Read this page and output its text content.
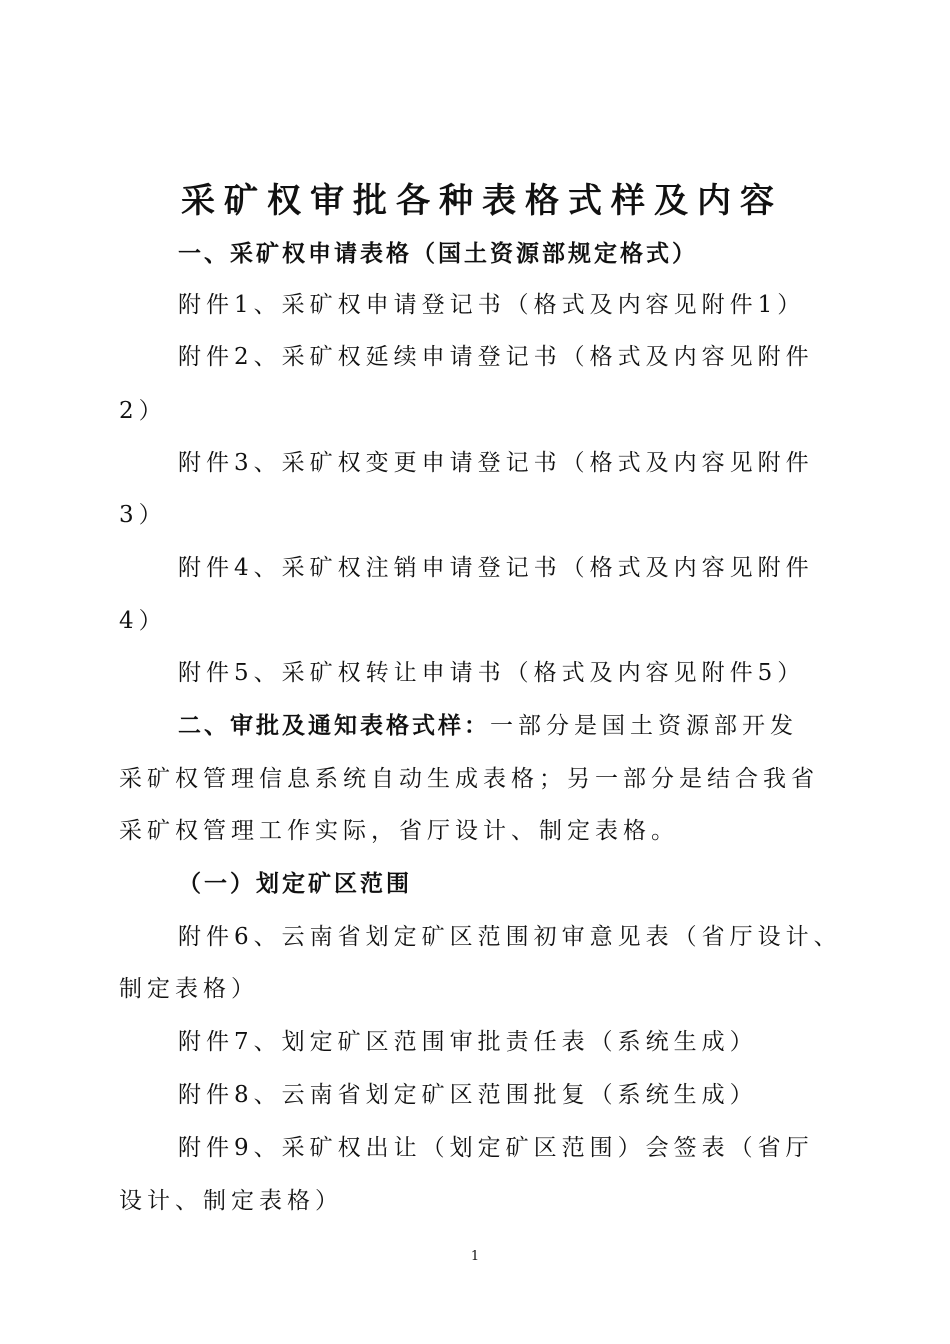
采矿权审批各种表格式样及内容

一、采矿权申请表格（国土资源部规定格式）

附件1、采矿权申请登记书（格式及内容见附件1）

附件2、采矿权延续申请登记书（格式及内容见附件

2）

附件3、采矿权变更申请登记书（格式及内容见附件

3）

附件4、采矿权注销申请登记书（格式及内容见附件

4）

附件5、采矿权转让申请书（格式及内容见附件5）

二、审批及通知表格式样：一部分是国土资源部开发

采矿权管理信息系统自动生成表格；另一部分是结合我省

采矿权管理工作实际，省厅设计、制定表格。

（一）划定矿区范围

附件6、云南省划定矿区范围初审意见表（省厅设计、

制定表格）

附件7、划定矿区范围审批责任表（系统生成）

附件8、云南省划定矿区范围批复（系统生成）

附件9、采矿权出让（划定矿区范围）会签表（省厅

设计、制定表格）

1
